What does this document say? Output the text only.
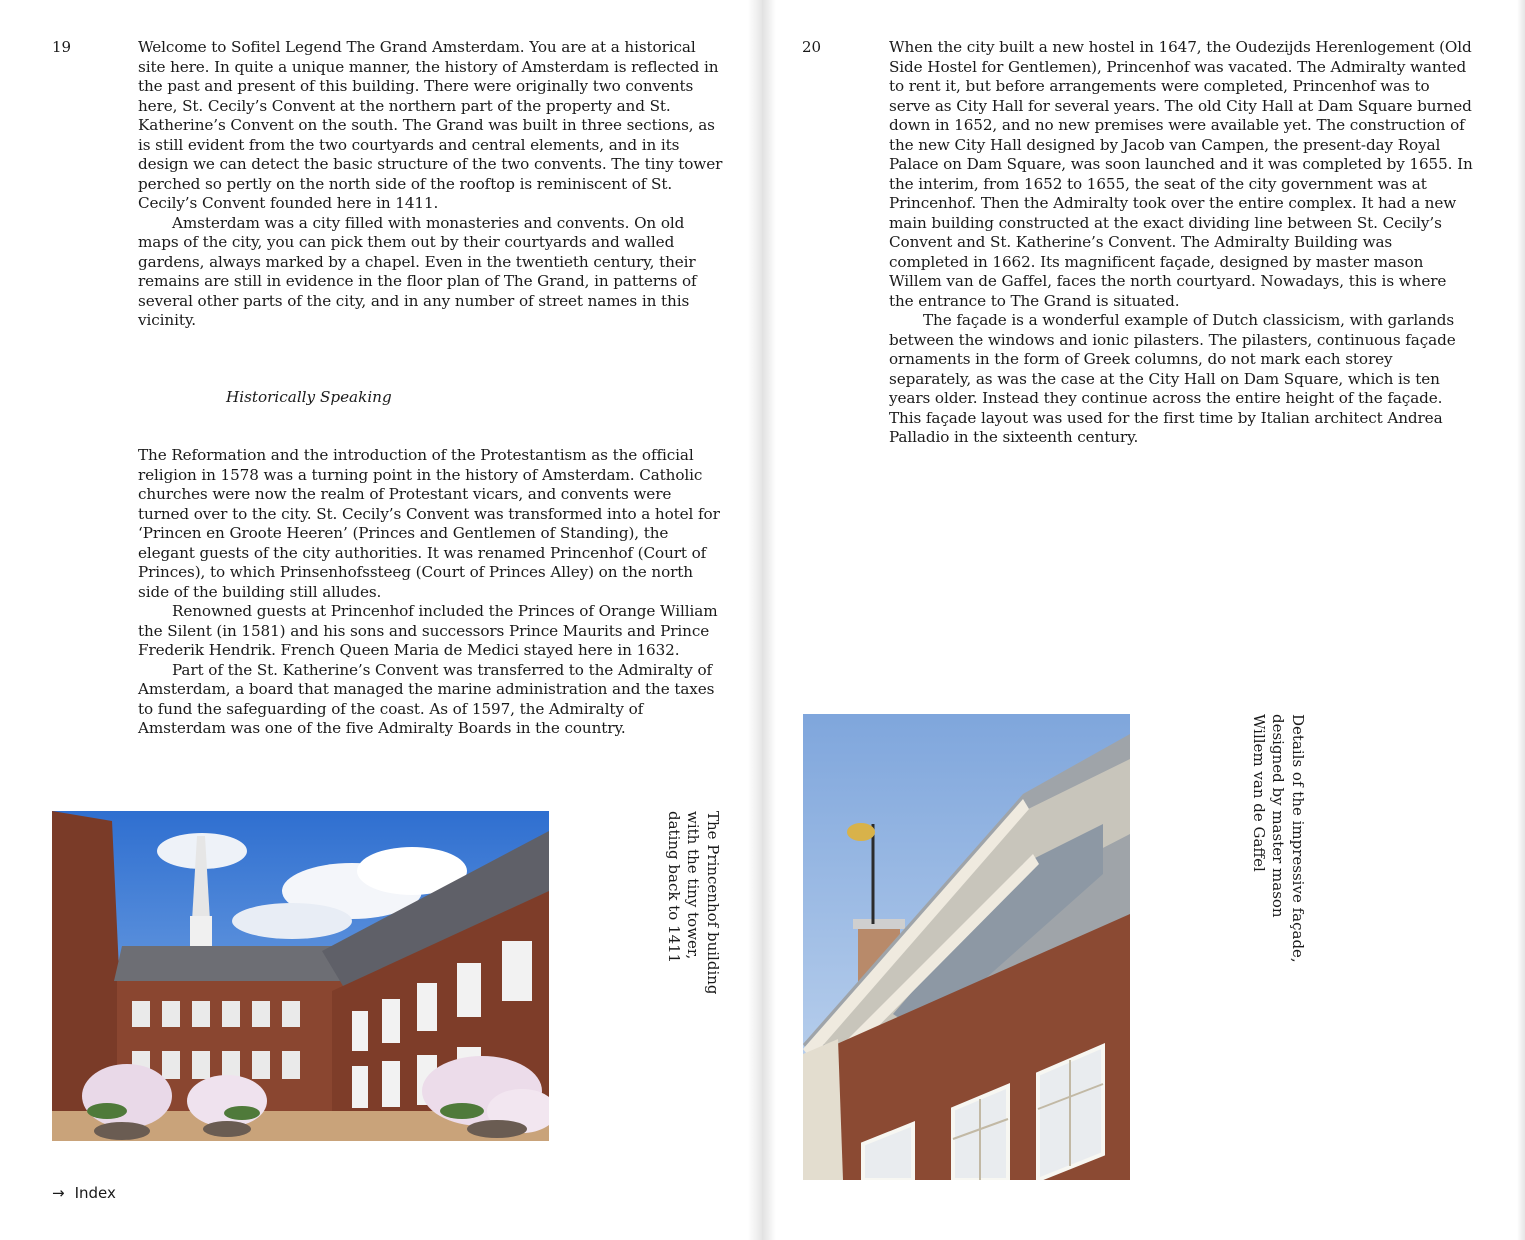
19	Welcome to Sofitel Legend The Grand Amsterdam. You are at a historical site here. In quite a unique manner, the history of Amsterdam is reflected in the past and present of this building. There were originally two convents here, St. Cecily’s Convent at the northern part of the property and St. Katherine’s Convent on the south. The Grand was built in three sections, as is still evident from the two courtyards and central elements, and in its design we can detect the basic structure of the two convents. The tiny tower perched so pertly on the north side of the rooftop is reminiscent of St. Cecily’s Convent founded here in 1411.

Amsterdam was a city filled with monasteries and convents. On old maps of the city, you can pick them out by their courtyards and walled gardens, always marked by a chapel. Even in the twentieth century, their remains are still in evidence in the floor plan of The Grand, in patterns of several other parts of the city, and in any number of street names in this vicinity.

Historically Speaking

The Reformation and the introduction of the Protestantism as the official religion in 1578 was a turning point in the history of Amsterdam. Catholic churches were now the realm of Protestant vicars, and convents were turned over to the city. St. Cecily’s Convent was transformed into a hotel for ‘Princen en Groote Heeren’ (Princes and Gentlemen of Standing), the elegant guests of the city authorities. It was renamed Princenhof (Court of Princes), to which Prinsenhofssteeg (Court of Princes Alley) on the north side of the building still alludes.

Renowned guests at Princenhof included the Princes of Orange William the Silent (in 1581) and his sons and successors Prince Maurits and Prince Frederik Hendrik. French Queen Maria de Medici stayed here in 1632.

Part of the St. Katherine’s Convent was transferred to the Admiralty of Amsterdam, a board that managed the marine administration and the taxes to fund the safeguarding of the coast. As of 1597, the Admiralty of Amsterdam was one of the five Admiralty Boards in the country.

The Princenhof building with the tiny tower, dating back to 1411

→ Index
20	When the city built a new hostel in 1647, the Oudezijds Herenlogement (Old Side Hostel for Gentlemen), Princenhof was vacated. The Admiralty wanted to rent it, but before arrangements were completed, Princenhof was to serve as City Hall for several years. The old City Hall at Dam Square burned down in 1652, and no new premises were available yet. The construction of the new City Hall designed by Jacob van Campen, the present-day Royal Palace on Dam Square, was soon launched and it was completed by 1655. In the interim, from 1652 to 1655, the seat of the city government was at Princenhof. Then the Admiralty took over the entire complex. It had a new main building constructed at the exact dividing line between St. Cecily’s Convent and St. Katherine’s Convent. The Admiralty Building was completed in 1662. Its magnificent façade, designed by master mason Willem van de Gaffel, faces the north courtyard. Nowadays, this is where the entrance to The Grand is situated.

The façade is a wonderful example of Dutch classicism, with garlands between the windows and ionic pilasters. The pilasters, continuous façade ornaments in the form of Greek columns, do not mark each storey separately, as was the case at the City Hall on Dam Square, which is ten years older. Instead they continue across the entire height of the façade. This façade layout was used for the first time by Italian architect Andrea Palladio in the sixteenth century.

Details of the impressive façade, designed by master mason Willem van de Gaffel
